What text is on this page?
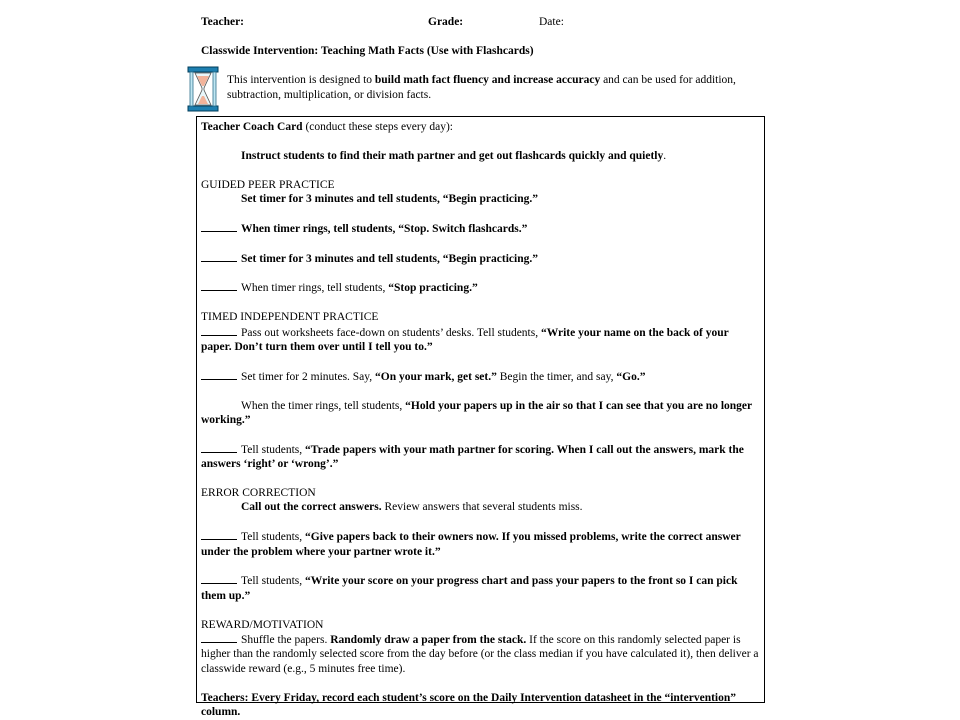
Teacher:	Grade:	Date:
Classwide Intervention: Teaching Math Facts (Use with Flashcards)
This intervention is designed to build math fact fluency and increase accuracy and can be used for addition, subtraction, multiplication, or division facts.

Teacher Coach Card (conduct these steps every day):

Instruct students to find their math partner and get out flashcards quickly and quietly.

GUIDED PEER PRACTICE

Set timer for 3 minutes and tell students, “Begin practicing.”

When timer rings, tell students, “Stop. Switch flashcards.”

Set timer for 3 minutes and tell students, “Begin practicing.”

When timer rings, tell students, “Stop practicing.”

TIMED INDEPENDENT PRACTICE

Pass out worksheets face-down on students’ desks. Tell students, “Write your name on the back of your paper. Don’t turn them over until I tell you to.”

Set timer for 2 minutes. Say, “On your mark, get set.” Begin the timer, and say, “Go.”

When the timer rings, tell students, “Hold your papers up in the air so that I can see that you are no longer working.”

Tell students, “Trade papers with your math partner for scoring. When I call out the answers, mark the answers ‘right’ or ‘wrong’.”

ERROR CORRECTION

Call out the correct answers. Review answers that several students miss.

Tell students, “Give papers back to their owners now. If you missed problems, write the correct answer under the problem where your partner wrote it.”

Tell students, “Write your score on your progress chart and pass your papers to the front so I can pick them up.”

REWARD/MOTIVATION

Shuffle the papers. Randomly draw a paper from the stack. If the score on this randomly selected paper is higher than the randomly selected score from the day before (or the class median if you have calculated it), then deliver a classwide reward (e.g., 5 minutes free time).

Teachers: Every Friday, record each student’s score on the Daily Intervention datasheet in the “intervention” column.
